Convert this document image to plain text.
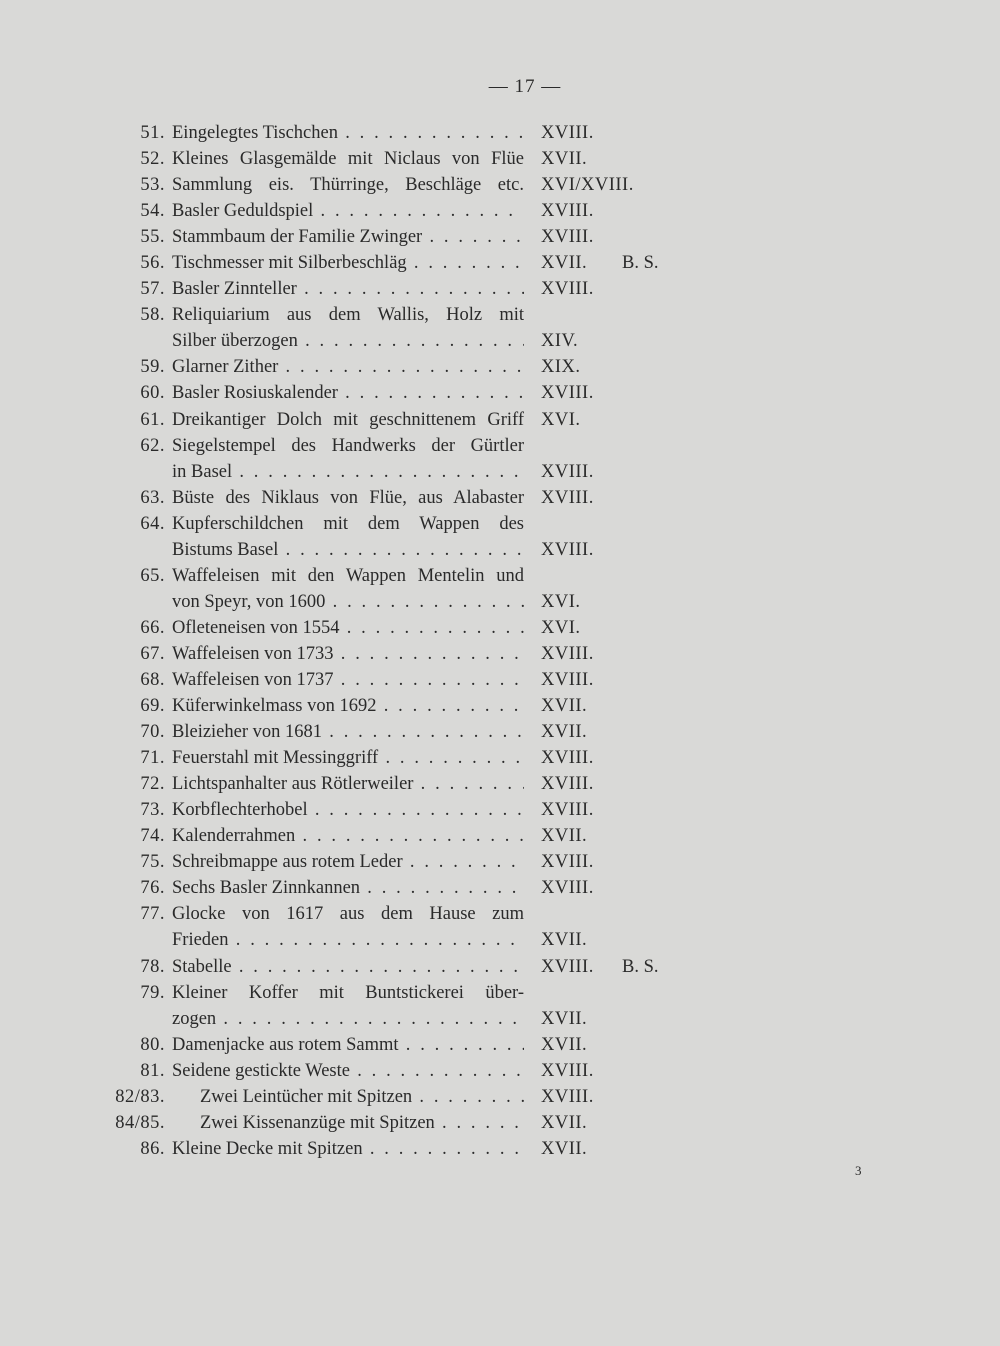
— 17 —
51. Eingelegtes Tischchen . . .	XVIII.
52. Kleines Glasgemälde mit Niclaus von Flüe XVII.
53. Sammlung eis. Thürringe, Beschläge etc. XVI/XVIII.
54. Basler Geduldspiel . . .	XVIII.
55. Stammbaum der Familie Zwinger . . .	XVIII.
56. Tischmesser mit Silberbeschläg . . .	XVII. B. S.
57. Basler Zinnteller . . .	XVIII.
58. Reliquiarium aus dem Wallis, Holz mit
Silber überzogen . . .	XIV.
59. Glarner Zither . . .	XIX.
60. Basler Rosiuskalender . . .	XVIII.
61. Dreikantiger Dolch mit geschnittenem Griff XVI.
62. Siegelstempel des Handwerks der Gürtler
in Basel . . .	XVIII.
63. Büste des Niklaus von Flüe, aus Alabaster XVIII.
64. Kupferschildchen mit dem Wappen des
Bistums Basel . . .	XVIII.
65. Waffeleisen mit den Wappen Mentelin und
von Speyr, von 1600 . . .	XVI.
66. Ofleteneisen von 1554 . . .	XVI.
67. Waffeleisen von 1733 . . .	XVIII.
68. Waffeleisen von 1737 . . .	XVIII.
69. Küferwinkelmass von 1692 . . .	XVII.
70. Bleizieher von 1681 . . .	XVII.
71. Feuerstahl mit Messinggriff . . .	XVIII.
72. Lichtspanhalter aus Rötlerweiler . . .	XVIII.
73. Korbflechterhobel . . .	XVIII.
74. Kalenderrahmen . . .	XVII.
75. Schreibmappe aus rotem Leder . . .	XVIII.
76. Sechs Basler Zinnkannen . . .	XVIII.
77. Glocke von 1617 aus dem Hause zum
Frieden . . .	XVII.
78. Stabelle . . .	XVIII. B. S.
79. Kleiner Koffer mit Buntstickerei über-
zogen . . .	XVII.
80. Damenjacke aus rotem Sammt . . .	XVII.
81. Seidene gestickte Weste . . .	XVIII.
82/83. Zwei Leintücher mit Spitzen . . .	XVIII.
84/85. Zwei Kissenanzüge mit Spitzen . . .	XVII.
86. Kleine Decke mit Spitzen . . .	XVII.
3
